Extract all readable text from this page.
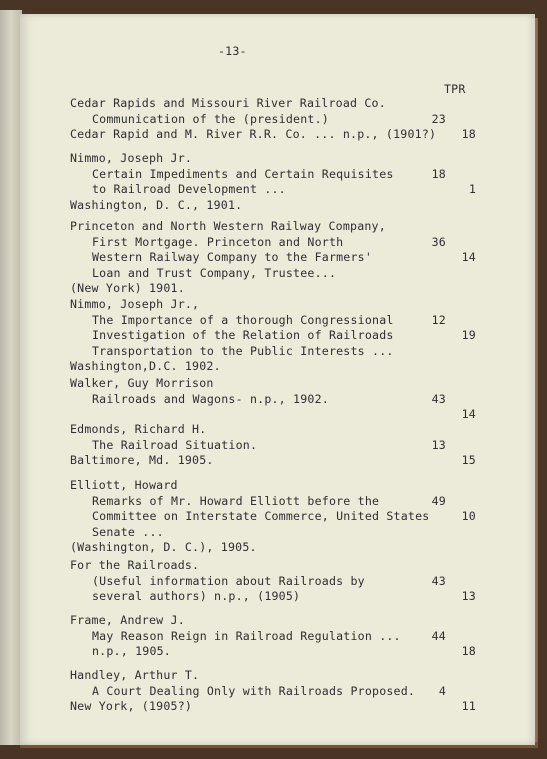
-13-
TPR
Cedar Rapids and Missouri River Railroad Co.
Communication of the (president.)
Cedar Rapid and M. River R.R. Co. ... n.p., (1901?)

23

18

Nimmo, Joseph Jr.
Certain Impediments and Certain Requisites
to Railroad Development ...
Washington, D. C., 1901.

18

1

Princeton and North Western Railway Company,
First Mortgage. Princeton and North
Western Railway Company to the Farmers'
Loan and Trust Company, Trustee...
(New York) 1901.

36

14

Nimmo, Joseph Jr.,
The Importance of a thorough Congressional
Investigation of the Relation of Railroads
Transportation to the Public Interests ...
Washington,D.C. 1902.

12

19

Walker, Guy Morrison
Railroads and Wagons- n.p., 1902.

	43

14

Edmonds, Richard H.
The Railroad Situation.
Baltimore, Md. 1905.

13

15

Elliott, Howard
Remarks of Mr. Howard Elliott before the
Committee on Interstate Commerce, United States
Senate ...
(Washington, D. C.), 1905.

49

10

For the Railroads.
(Useful information about Railroads by
several authors) n.p., (1905)

43

13

Frame, Andrew J.
May Reason Reign in Railroad Regulation ...
n.p., 1905.

44

18

Handley, Arthur T.
A Court Dealing Only with Railroads Proposed.
New York, (1905?)

4

11
